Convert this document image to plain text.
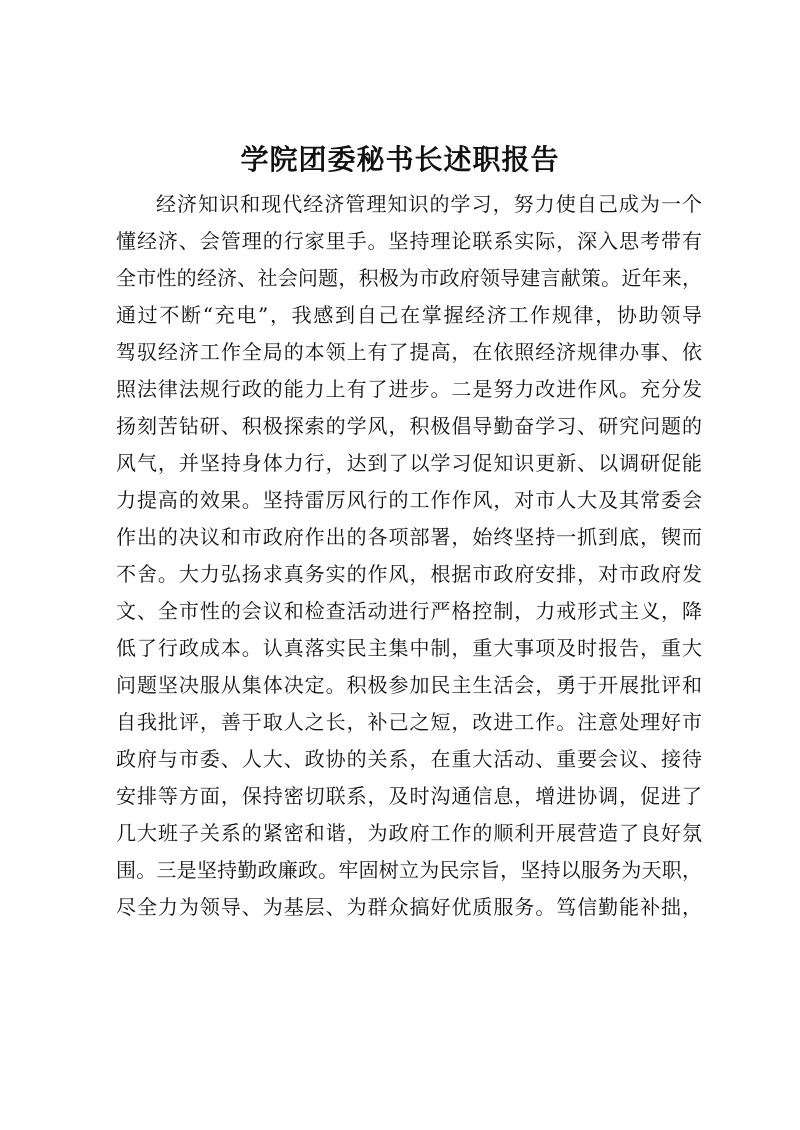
学院团委秘书长述职报告
经济知识和现代经济管理知识的学习，努力使自己成为一个
懂经济、会管理的行家里手。坚持理论联系实际，深入思考带有
全市性的经济、社会问题，积极为市政府领导建言献策。近年来，
通过不断“充电”，我感到自己在掌握经济工作规律，协助领导
驾驭经济工作全局的本领上有了提高，在依照经济规律办事、依
照法律法规行政的能力上有了进步。二是努力改进作风。充分发
扬刻苦钻研、积极探索的学风，积极倡导勤奋学习、研究问题的
风气，并坚持身体力行，达到了以学习促知识更新、以调研促能
力提高的效果。坚持雷厉风行的工作作风，对市人大及其常委会
作出的决议和市政府作出的各项部署，始终坚持一抓到底，锲而
不舍。大力弘扬求真务实的作风，根据市政府安排，对市政府发
文、全市性的会议和检查活动进行严格控制，力戒形式主义，降
低了行政成本。认真落实民主集中制，重大事项及时报告，重大
问题坚决服从集体决定。积极参加民主生活会，勇于开展批评和
自我批评，善于取人之长，补己之短，改进工作。注意处理好市
政府与市委、人大、政协的关系，在重大活动、重要会议、接待
安排等方面，保持密切联系，及时沟通信息，增进协调，促进了
几大班子关系的紧密和谐，为政府工作的顺利开展营造了良好氛
围。三是坚持勤政廉政。牢固树立为民宗旨，坚持以服务为天职，
尽全力为领导、为基层、为群众搞好优质服务。笃信勤能补拙，
